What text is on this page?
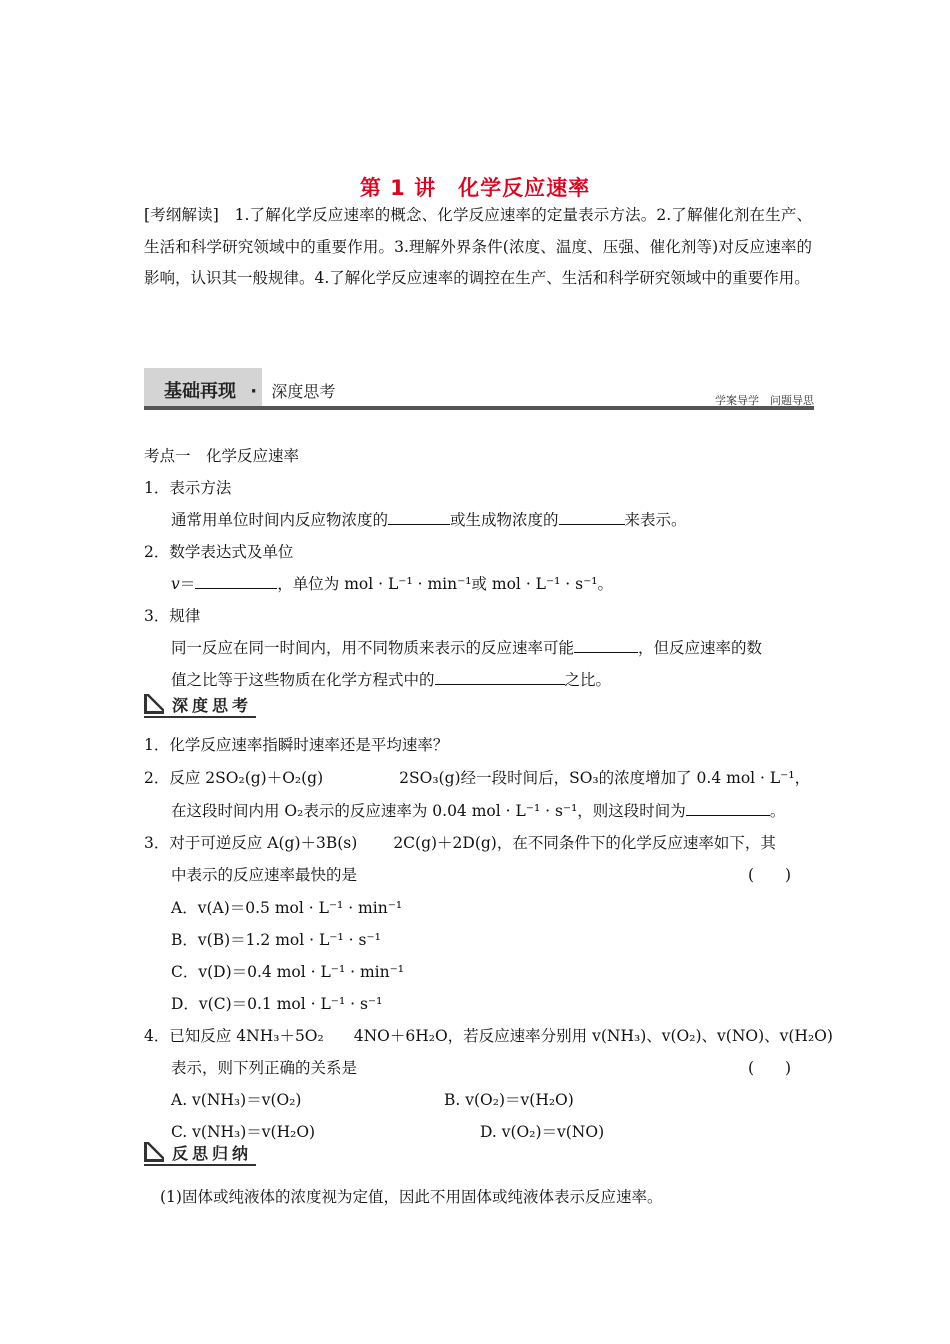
第 1 讲　化学反应速率
[考纲解读]　1.了解化学反应速率的概念、化学反应速率的定量表示方法。2.了解催化剂在生产、生活和科学研究领域中的重要作用。3.理解外界条件(浓度、温度、压强、催化剂等)对反应速率的影响，认识其一般规律。4.了解化学反应速率的调控在生产、生活和科学研究领域中的重要作用。
基础再现 · 深度思考	学案导学　问题导思
考点一　化学反应速率
1．表示方法
通常用单位时间内反应物浓度的	或生成物浓度的	来表示。
2．数学表达式及单位
v＝	，单位为 mol · L⁻¹ · min⁻¹或 mol · L⁻¹ · s⁻¹。
3．规律
同一反应在同一时间内，用不同物质来表示的反应速率可能	，但反应速率的数
值之比等于这些物质在化学方程式中的	之比。
深度思考
1．化学反应速率指瞬时速率还是平均速率？
2．反应 2SO₂(g)＋O₂(g)	2SO₃(g)经一段时间后，SO₃的浓度增加了 0.4 mol · L⁻¹，
在这段时间内用 O₂表示的反应速率为 0.04 mol · L⁻¹ · s⁻¹，则这段时间为	。
3．对于可逆反应 A(g)＋3B(s) 2C(g)＋2D(g)，在不同条件下的化学反应速率如下，其
中表示的反应速率最快的是	(　　)
A．v(A)＝0.5 mol · L⁻¹ · min⁻¹
B．v(B)＝1.2 mol · L⁻¹ · s⁻¹
C．v(D)＝0.4 mol · L⁻¹ · min⁻¹
D．v(C)＝0.1 mol · L⁻¹ · s⁻¹
4．已知反应 4NH₃＋5O₂ 4NO＋6H₂O，若反应速率分别用 v(NH₃)、v(O₂)、v(NO)、v(H₂O)
表示，则下列正确的关系是	(　　)
A. v(NH₃)＝v(O₂)	B. v(O₂)＝v(H₂O)
C. v(NH₃)＝v(H₂O)	D. v(O₂)＝v(NO)
反思归纳
(1)固体或纯液体的浓度视为定值，因此不用固体或纯液体表示反应速率。
